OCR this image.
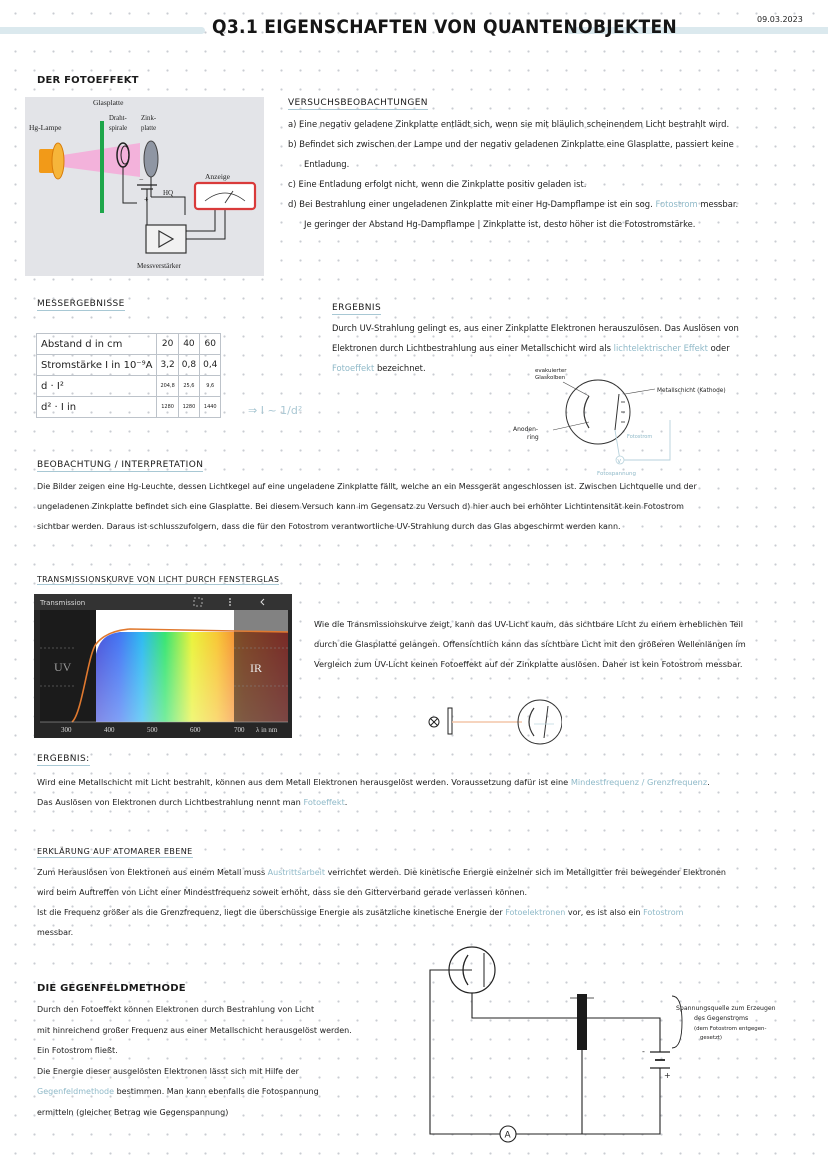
Q3.1 EIGENSCHAFTEN VON QUANTENOBJEKTEN	09.03.2023
DER FOTOEFFEKT
HQ
−
+
Glasplatte
Draht-
spirale
Zink-
platte
Hg-Lampe
Anzeige
Messverstärker
VERSUCHSBEOBACHTUNGEN

a) Eine negativ geladene Zinkplatte entlädt sich, wenn sie mit bläulich scheinendem Licht bestrahlt wird.

b) Befindet sich zwischen der Lampe und der negativ geladenen Zinkplatte eine Glasplatte, passiert keine

Entladung.

c) Eine Entladung erfolgt nicht, wenn die Zinkplatte positiv geladen ist.

d) Bei Bestrahlung einer ungeladenen Zinkplatte mit einer Hg-Dampflampe ist ein sog. Fotostrom messbar.

Je geringer der Abstand Hg-Dampflampe | Zinkplatte ist, desto höher ist die Fotostromstärke.

MESSERGEBNISSE
Abstand d in cm	20	40	60
Stromstärke I in 10⁻⁹A	3,2	0,8	0,4
d · I²	204,8	25,6	9,6
d² · I in	1280	1280	1440	⇒ I ~ 1/d²
ERGEBNIS

Durch UV-Strahlung gelingt es, aus einer Zinkplatte Elektronen herauszulösen. Das Auslösen von

Elektronen durch Lichtbestrahlung aus einer Metallschicht wird als lichtelektrischer Effekt oder

Fotoeffekt bezeichnet.

V
evakuierter
Glaskolben
Metallschicht (Kathode)
Anoden-
ring	Fotostrom
Fotospannung
BEOBACHTUNG / INTERPRETATION

Die Bilder zeigen eine Hg-Leuchte, dessen Lichtkegel auf eine ungeladene Zinkplatte fällt, welche an ein Messgerät angeschlossen ist. Zwischen Lichtquelle und der

ungeladenen Zinkplatte befindet sich eine Glasplatte. Bei diesem Versuch kann im Gegensatz zu Versuch d) hier auch bei erhöhter Lichtintensität kein Fotostrom

sichtbar werden. Daraus ist schlusszufolgern, dass die für den Fotostrom verantwortliche UV-Strahlung durch das Glas abgeschirmt werden kann.

TRANSMISSIONSKURVE VON LICHT DURCH FENSTERGLAS
Transmission
UV	IR
300	400	500	600	700 λ in nm

Wie die Transmissionskurve zeigt, kann das UV-Licht kaum, das sichtbare Licht zu einem erheblichen Teil

durch die Glasplatte gelangen. Offensichtlich kann das sichtbare Licht mit den größeren Wellenlängen im

Vergleich zum UV-Licht keinen Fotoeffekt auf der Zinkplatte auslösen. Daher ist kein Fotostrom messbar.

ERGEBNIS:

Wird eine Metallschicht mit Licht bestrahlt, können aus dem Metall Elektronen herausgelöst werden. Voraussetzung dafür ist eine Mindestfrequenz / Grenzfrequenz.

Das Auslösen von Elektronen durch Lichtbestrahlung nennt man Fotoeffekt.

ERKLÄRUNG AUF ATOMARER EBENE

Zum Herauslösen von Elektronen aus einem Metall muss Austrittsarbeit verrichtet werden. Die kinetische Energie einzelner sich im Metallgitter frei bewegender Elektronen

wird beim Auftreffen von Licht einer Mindestfrequenz soweit erhöht, dass sie den Gitterverband gerade verlassen können.

Ist die Frequenz größer als die Grenzfrequenz, liegt die überschüssige Energie als zusätzliche kinetische Energie der Fotoelektronen vor, es ist also ein Fotostrom

messbar.

DIE GEGENFELDMETHODE

Durch den Fotoeffekt können Elektronen durch Bestrahlung von Licht

mit hinreichend großer Frequenz aus einer Metallschicht herausgelöst werden.

Ein Fotostrom fließt.

Die Energie dieser ausgelösten Elektronen lässt sich mit Hilfe der

Gegenfeldmethode bestimmen. Man kann ebenfalls die Fotospannung

ermitteln (gleicher Betrag wie Gegenspannung)

-
+
A
Spannungsquelle zum Erzeugen
des Gegenstroms
(dem Fotostrom entgegen-
gesetzt)
